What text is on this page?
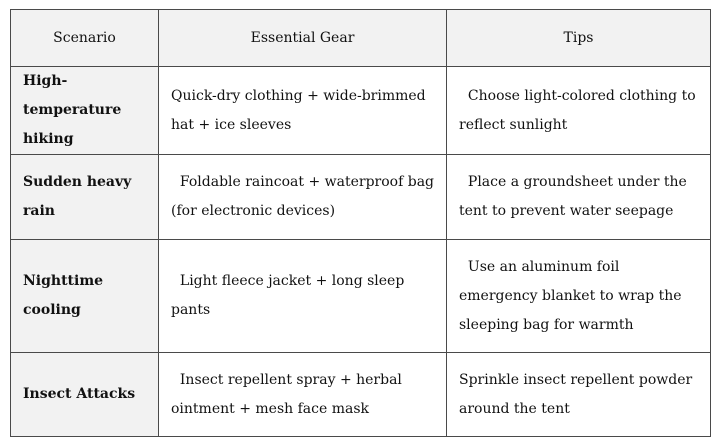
Scenario	Essential Gear	Tips
High-temperature hiking	Quick-dry clothing + wide-brimmed hat + ice sleeves	Choose light-colored clothing to reflect sunlight
Sudden heavy rain	Foldable raincoat + waterproof bag (for electronic devices)	Place a groundsheet under the tent to prevent water seepage
Nighttime cooling	Light fleece jacket + long sleep pants	Use an aluminum foil emergency blanket to wrap the sleeping bag for warmth
Insect Attacks	Insect repellent spray + herbal ointment + mesh face mask	Sprinkle insect repellent powder around the tent
